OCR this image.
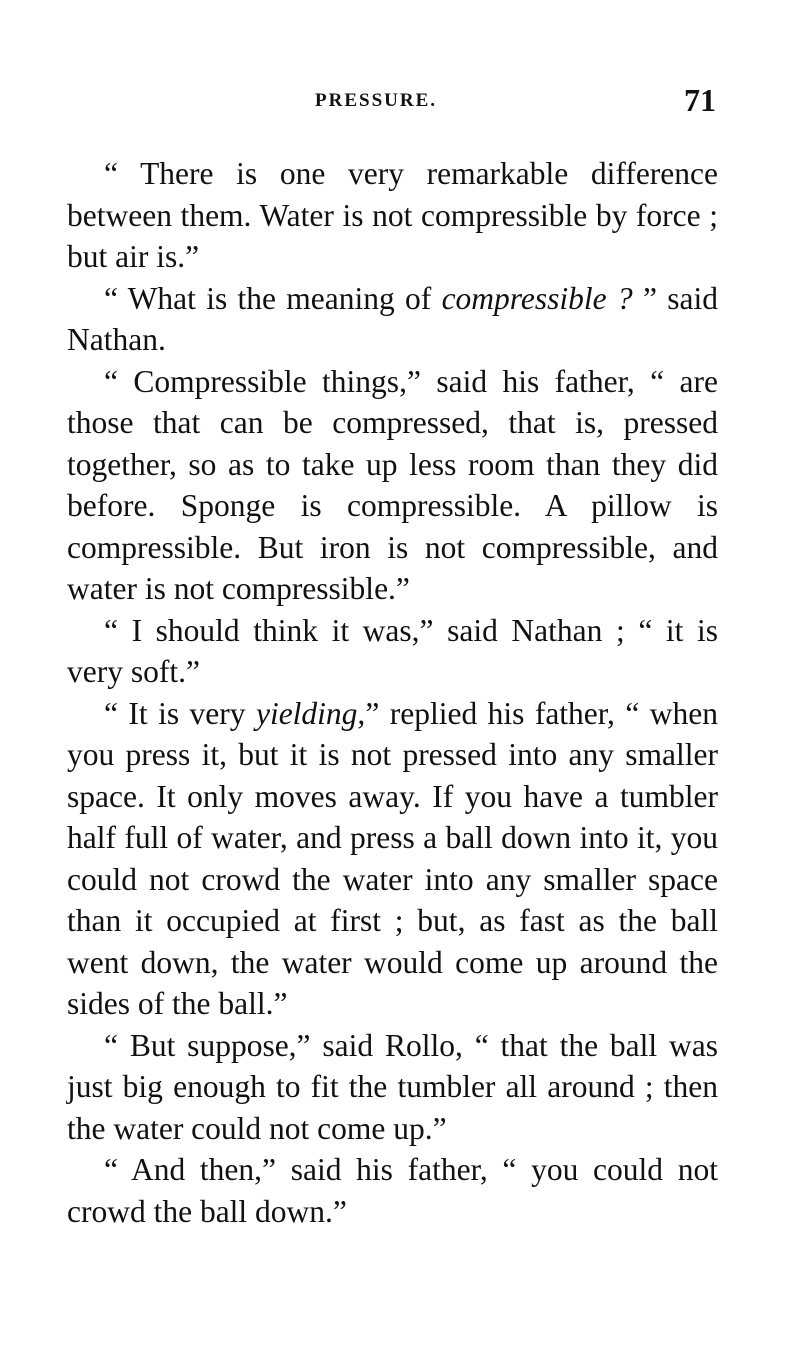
PRESSURE.	71

“ There is one very remarkable difference between them. Water is not compressible by force ; but air is.”

“ What is the meaning of compressible ? ” said Nathan.

“ Compressible things,” said his father, “ are those that can be compressed, that is, pressed together, so as to take up less room than they did before. Sponge is compressible. A pillow is compressible. But iron is not compressible, and water is not compressible.”

“ I should think it was,” said Nathan ; “ it is very soft.”

“ It is very yielding,” replied his father, “ when you press it, but it is not pressed into any smaller space. It only moves away. If you have a tumbler half full of water, and press a ball down into it, you could not crowd the water into any smaller space than it occupied at first ; but, as fast as the ball went down, the water would come up around the sides of the ball.”

“ But suppose,” said Rollo, “ that the ball was just big enough to fit the tumbler all around ; then the water could not come up.”

“ And then,” said his father, “ you could not crowd the ball down.”
